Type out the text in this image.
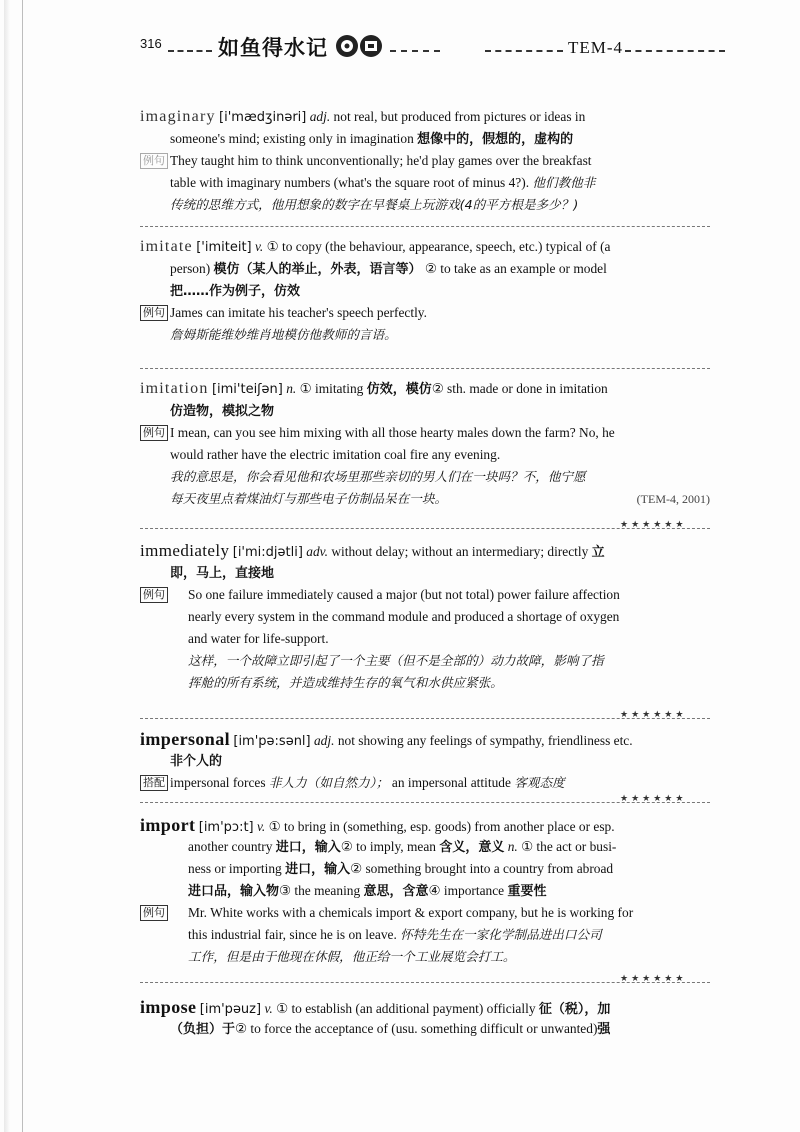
316	如鱼得水记	TEM-4
imaginary [i'mædʒinəri] adj. not real, but produced from pictures or ideas in
someone's mind; existing only in imagination 想像中的，假想的，虚构的
例句 They taught him to think unconventionally; he'd play games over the breakfast
table with imaginary numbers (what's the square root of minus 4?). 他们教他非
传统的思维方式，他用想象的数字在早餐桌上玩游戏(4的平方根是多少？)
imitate ['imiteit] v. ① to copy (the behaviour, appearance, speech, etc.) typical of (a
person) 模仿（某人的举止，外表，语言等） ② to take as an example or model
把……作为例子，仿效
例句 James can imitate his teacher's speech perfectly.
詹姆斯能维妙维肖地模仿他教师的言语。
imitation [imi'teiʃən] n. ① imitating 仿效，模仿② sth. made or done in imitation
仿造物，模拟之物
例句 I mean, can you see him mixing with all those hearty males down the farm? No, he
would rather have the electric imitation coal fire any evening.
我的意思是，你会看见他和农场里那些亲切的男人们在一块吗？不，他宁愿
每天夜里点着煤油灯与那些电子仿制品呆在一块。	(TEM-4, 2001)
★★★★★★
immediately [i'mi:djətli] adv. without delay; without an intermediary; directly 立
即，马上，直接地
例句 So one failure immediately caused a major (but not total) power failure affection
nearly every system in the command module and produced a shortage of oxygen
and water for life-support.
这样，一个故障立即引起了一个主要（但不是全部的）动力故障，影响了指
挥舱的所有系统，并造成维持生存的氧气和水供应紧张。
★★★★★★
impersonal [im'pə:sənl] adj. not showing any feelings of sympathy, friendliness etc.
非个人的
搭配 impersonal forces 非人力（如自然力）； an impersonal attitude 客观态度
★★★★★★
import [im'pɔ:t] v. ① to bring in (something, esp. goods) from another place or esp.
another country 进口，输入② to imply, mean 含义，意义 n. ① the act or busi-
ness or importing 进口，输入② something brought into a country from abroad
进口品，输入物③ the meaning 意思，含意④ importance 重要性
例句 Mr. White works with a chemicals import & export company, but he is working for
this industrial fair, since he is on leave. 怀特先生在一家化学制品进出口公司
工作，但是由于他现在休假，他正给一个工业展览会打工。
★★★★★★
impose [im'pəuz] v. ① to establish (an additional payment) officially 征（税），加
（负担）于② to force the acceptance of (usu. something difficult or unwanted)强
